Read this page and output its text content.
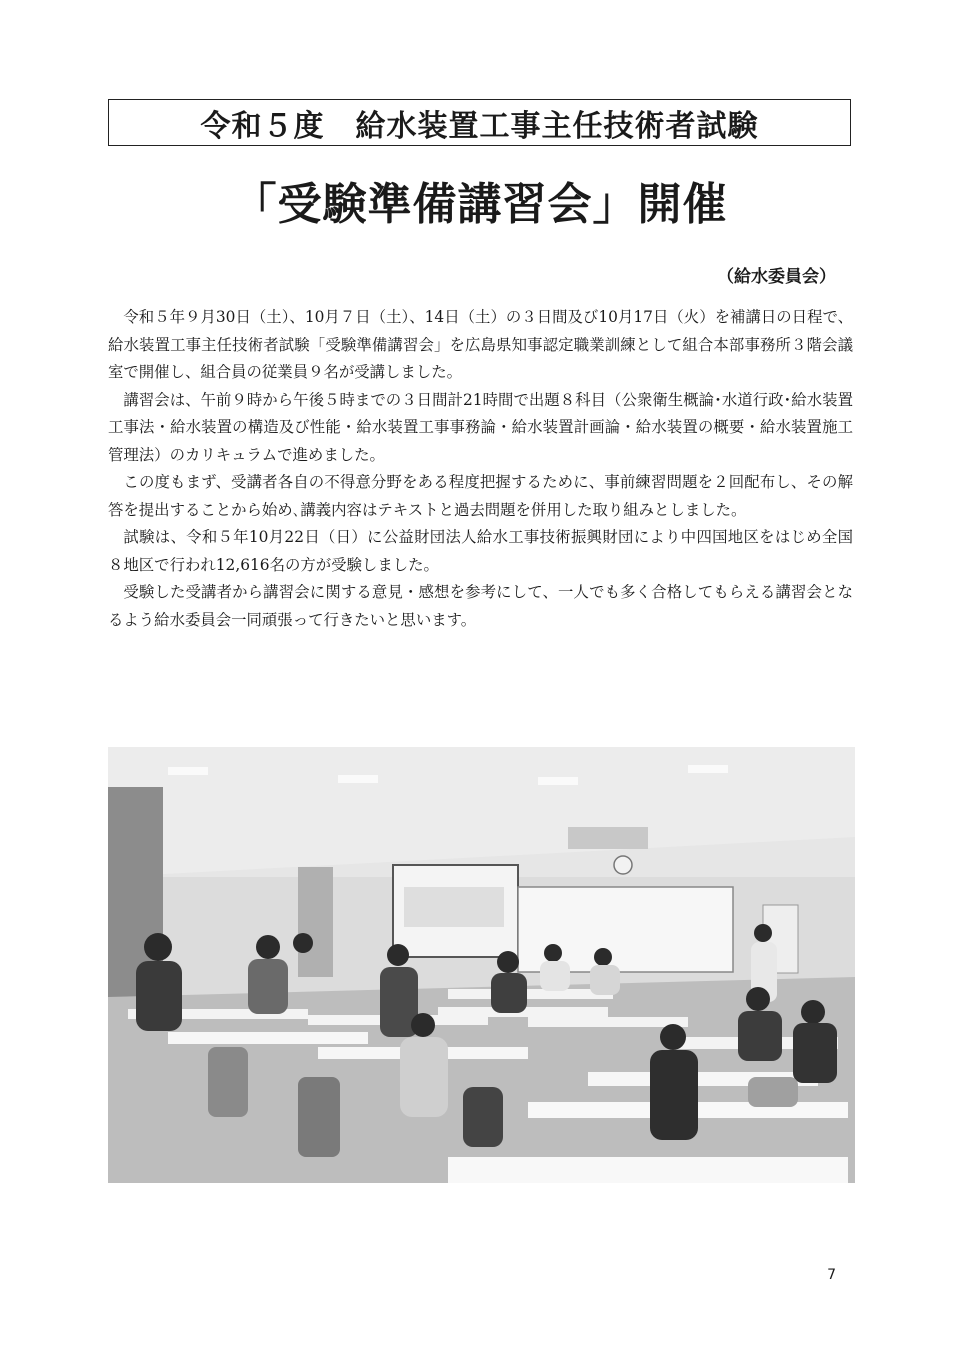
令和５度　給水装置工事主任技術者試験
「受験準備講習会」開催
（給水委員会）

令和５年９月30日（土）、10月７日（土）、14日（土）の３日間及び10月17日（火）を補講日の日程で、給水装置工事主任技術者試験「受験準備講習会」を広島県知事認定職業訓練として組合本部事務所３階会議室で開催し、組合員の従業員９名が受講しました。

講習会は、午前９時から午後５時までの３日間計21時間で出題８科目（公衆衛生概論･水道行政･給水装置工事法・給水装置の構造及び性能・給水装置工事事務論・給水装置計画論・給水装置の概要・給水装置施工管理法）のカリキュラムで進めました。

この度もまず、受講者各自の不得意分野をある程度把握するために、事前練習問題を２回配布し、その解答を提出することから始め､講義内容はテキストと過去問題を併用した取り組みとしました。

試験は、令和５年10月22日（日）に公益財団法人給水工事技術振興財団により中四国地区をはじめ全国８地区で行われ12,616名の方が受験しました。

受験した受講者から講習会に関する意見・感想を参考にして、一人でも多く合格してもらえる講習会となるよう給水委員会一同頑張って行きたいと思います。

7
